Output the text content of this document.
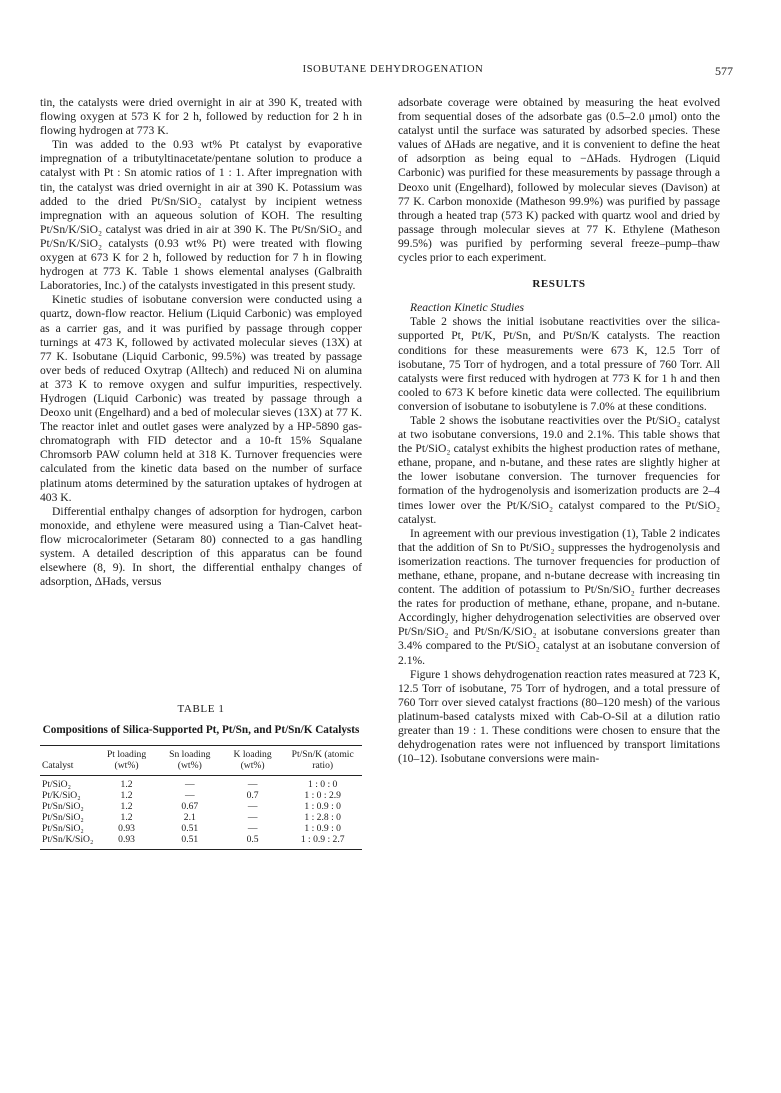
ISOBUTANE DEHYDROGENATION	577

tin, the catalysts were dried overnight in air at 390 K, treated with flowing oxygen at 573 K for 2 h, followed by reduction for 2 h in flowing hydrogen at 773 K.

Tin was added to the 0.93 wt% Pt catalyst by evaporative impregnation of a tributyltinacetate/pentane solution to produce a catalyst with Pt : Sn atomic ratios of 1 : 1. After impregnation with tin, the catalyst was dried overnight in air at 390 K. Potassium was added to the dried Pt/Sn/SiO₂ catalyst by incipient wetness impregnation with an aqueous solution of KOH. The resulting Pt/Sn/K/SiO₂ catalyst was dried in air at 390 K. The Pt/Sn/SiO₂ and Pt/Sn/K/SiO₂ catalysts (0.93 wt% Pt) were treated with flowing oxygen at 673 K for 2 h, followed by reduction for 7 h in flowing hydrogen at 773 K. Table 1 shows elemental analyses (Galbraith Laboratories, Inc.) of the catalysts investigated in this present study.

Kinetic studies of isobutane conversion were conducted using a quartz, down-flow reactor. Helium (Liquid Carbonic) was employed as a carrier gas, and it was purified by passage through copper turnings at 473 K, followed by activated molecular sieves (13X) at 77 K. Isobutane (Liquid Carbonic, 99.5%) was treated by passage over beds of reduced Oxytrap (Alltech) and reduced Ni on alumina at 373 K to remove oxygen and sulfur impurities, respectively. Hydrogen (Liquid Carbonic) was treated by passage through a Deoxo unit (Engelhard) and a bed of molecular sieves (13X) at 77 K. The reactor inlet and outlet gases were analyzed by a HP-5890 gas-chromatograph with FID detector and a 10-ft 15% Squalane Chromsorb PAW column held at 318 K. Turnover frequencies were calculated from the kinetic data based on the number of surface platinum atoms determined by the saturation uptakes of hydrogen at 403 K.

Differential enthalpy changes of adsorption for hydrogen, carbon monoxide, and ethylene were measured using a Tian-Calvet heat-flow microcalorimeter (Setaram 80) connected to a gas handling system. A detailed description of this apparatus can be found elsewhere (8, 9). In short, the differential enthalpy changes of adsorption, ΔHads, versus

TABLE 1
Compositions of Silica-Supported Pt, Pt/Sn, and Pt/Sn/K Catalysts
Catalyst	Pt loading (wt%)	Sn loading (wt%)	K loading (wt%)	Pt/Sn/K (atomic ratio)
Pt/SiO₂	1.2	—	—	1 : 0 : 0
Pt/K/SiO₂	1.2	—	0.7	1 : 0 : 2.9
Pt/Sn/SiO₂	1.2	0.67	—	1 : 0.9 : 0
Pt/Sn/SiO₂	1.2	2.1	—	1 : 2.8 : 0
Pt/Sn/SiO₂	0.93	0.51	—	1 : 0.9 : 0
Pt/Sn/K/SiO₂	0.93	0.51	0.5	1 : 0.9 : 2.7

adsorbate coverage were obtained by measuring the heat evolved from sequential doses of the adsorbate gas (0.5–2.0 μmol) onto the catalyst until the surface was saturated by adsorbed species. These values of ΔHads are negative, and it is convenient to define the heat of adsorption as being equal to −ΔHads. Hydrogen (Liquid Carbonic) was purified for these measurements by passage through a Deoxo unit (Engelhard), followed by molecular sieves (Davison) at 77 K. Carbon monoxide (Matheson 99.9%) was purified by passage through a heated trap (573 K) packed with quartz wool and dried by passage through molecular sieves at 77 K. Ethylene (Matheson 99.5%) was purified by performing several freeze–pump–thaw cycles prior to each experiment.

RESULTS

Reaction Kinetic Studies

Table 2 shows the initial isobutane reactivities over the silica-supported Pt, Pt/K, Pt/Sn, and Pt/Sn/K catalysts. The reaction conditions for these measurements were 673 K, 12.5 Torr of isobutane, 75 Torr of hydrogen, and a total pressure of 760 Torr. All catalysts were first reduced with hydrogen at 773 K for 1 h and then cooled to 673 K before kinetic data were collected. The equilibrium conversion of isobutane to isobutylene is 7.0% at these conditions.

Table 2 shows the isobutane reactivities over the Pt/SiO₂ catalyst at two isobutane conversions, 19.0 and 2.1%. This table shows that the Pt/SiO₂ catalyst exhibits the highest production rates of methane, ethane, propane, and n-butane, and these rates are slightly higher at the lower isobutane conversion. The turnover frequencies for formation of the hydrogenolysis and isomerization products are 2–4 times lower over the Pt/K/SiO₂ catalyst compared to the Pt/SiO₂ catalyst.

In agreement with our previous investigation (1), Table 2 indicates that the addition of Sn to Pt/SiO₂ suppresses the hydrogenolysis and isomerization reactions. The turnover frequencies for production of methane, ethane, propane, and n-butane decrease with increasing tin content. The addition of potassium to Pt/Sn/SiO₂ further decreases the rates for production of methane, ethane, propane, and n-butane. Accordingly, higher dehydrogenation selectivities are observed over Pt/Sn/SiO₂ and Pt/Sn/K/SiO₂ at isobutane conversions greater than 3.4% compared to the Pt/SiO₂ catalyst at an isobutane conversion of 2.1%.

Figure 1 shows dehydrogenation reaction rates measured at 723 K, 12.5 Torr of isobutane, 75 Torr of hydrogen, and a total pressure of 760 Torr over sieved catalyst fractions (80–120 mesh) of the various platinum-based catalysts mixed with Cab-O-Sil at a dilution ratio greater than 19 : 1. These conditions were chosen to ensure that the dehydrogenation rates were not influenced by transport limitations (10–12). Isobutane conversions were main-
